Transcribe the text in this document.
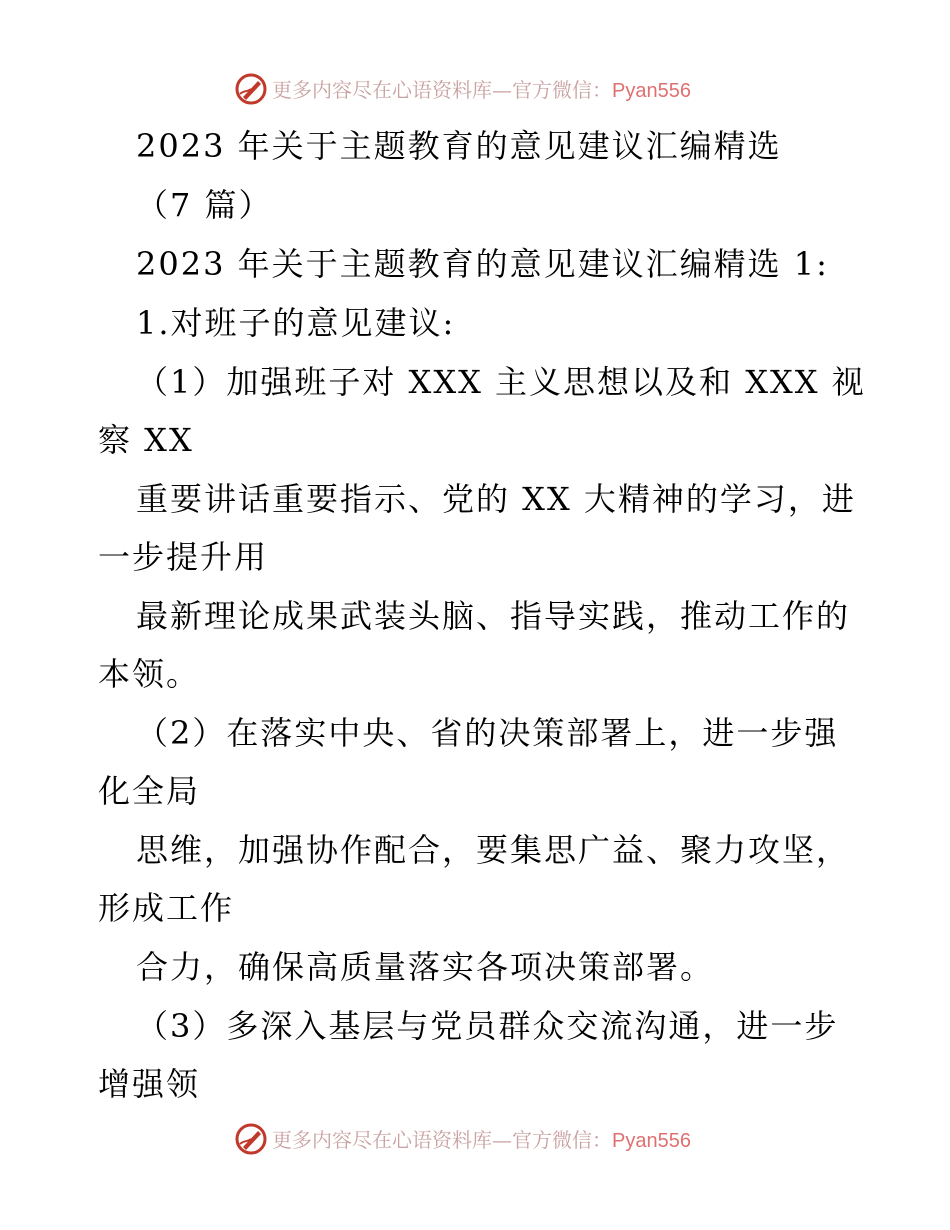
更多内容尽在心语资料库—官方微信：Pyan556
2023 年关于主题教育的意见建议汇编精选
（7 篇）
2023 年关于主题教育的意见建议汇编精选 1:
1.对班子的意见建议:
（1）加强班子对 XXX 主义思想以及和 XXX 视
察 XX
重要讲话重要指示、党的 XX 大精神的学习，进
一步提升用
最新理论成果武装头脑、指导实践，推动工作的
本领。
（2）在落实中央、省的决策部署上，进一步强
化全局
思维，加强协作配合，要集思广益、聚力攻坚，
形成工作
合力，确保高质量落实各项决策部署。
（3）多深入基层与党员群众交流沟通，进一步
增强领
更多内容尽在心语资料库—官方微信：Pyan556
